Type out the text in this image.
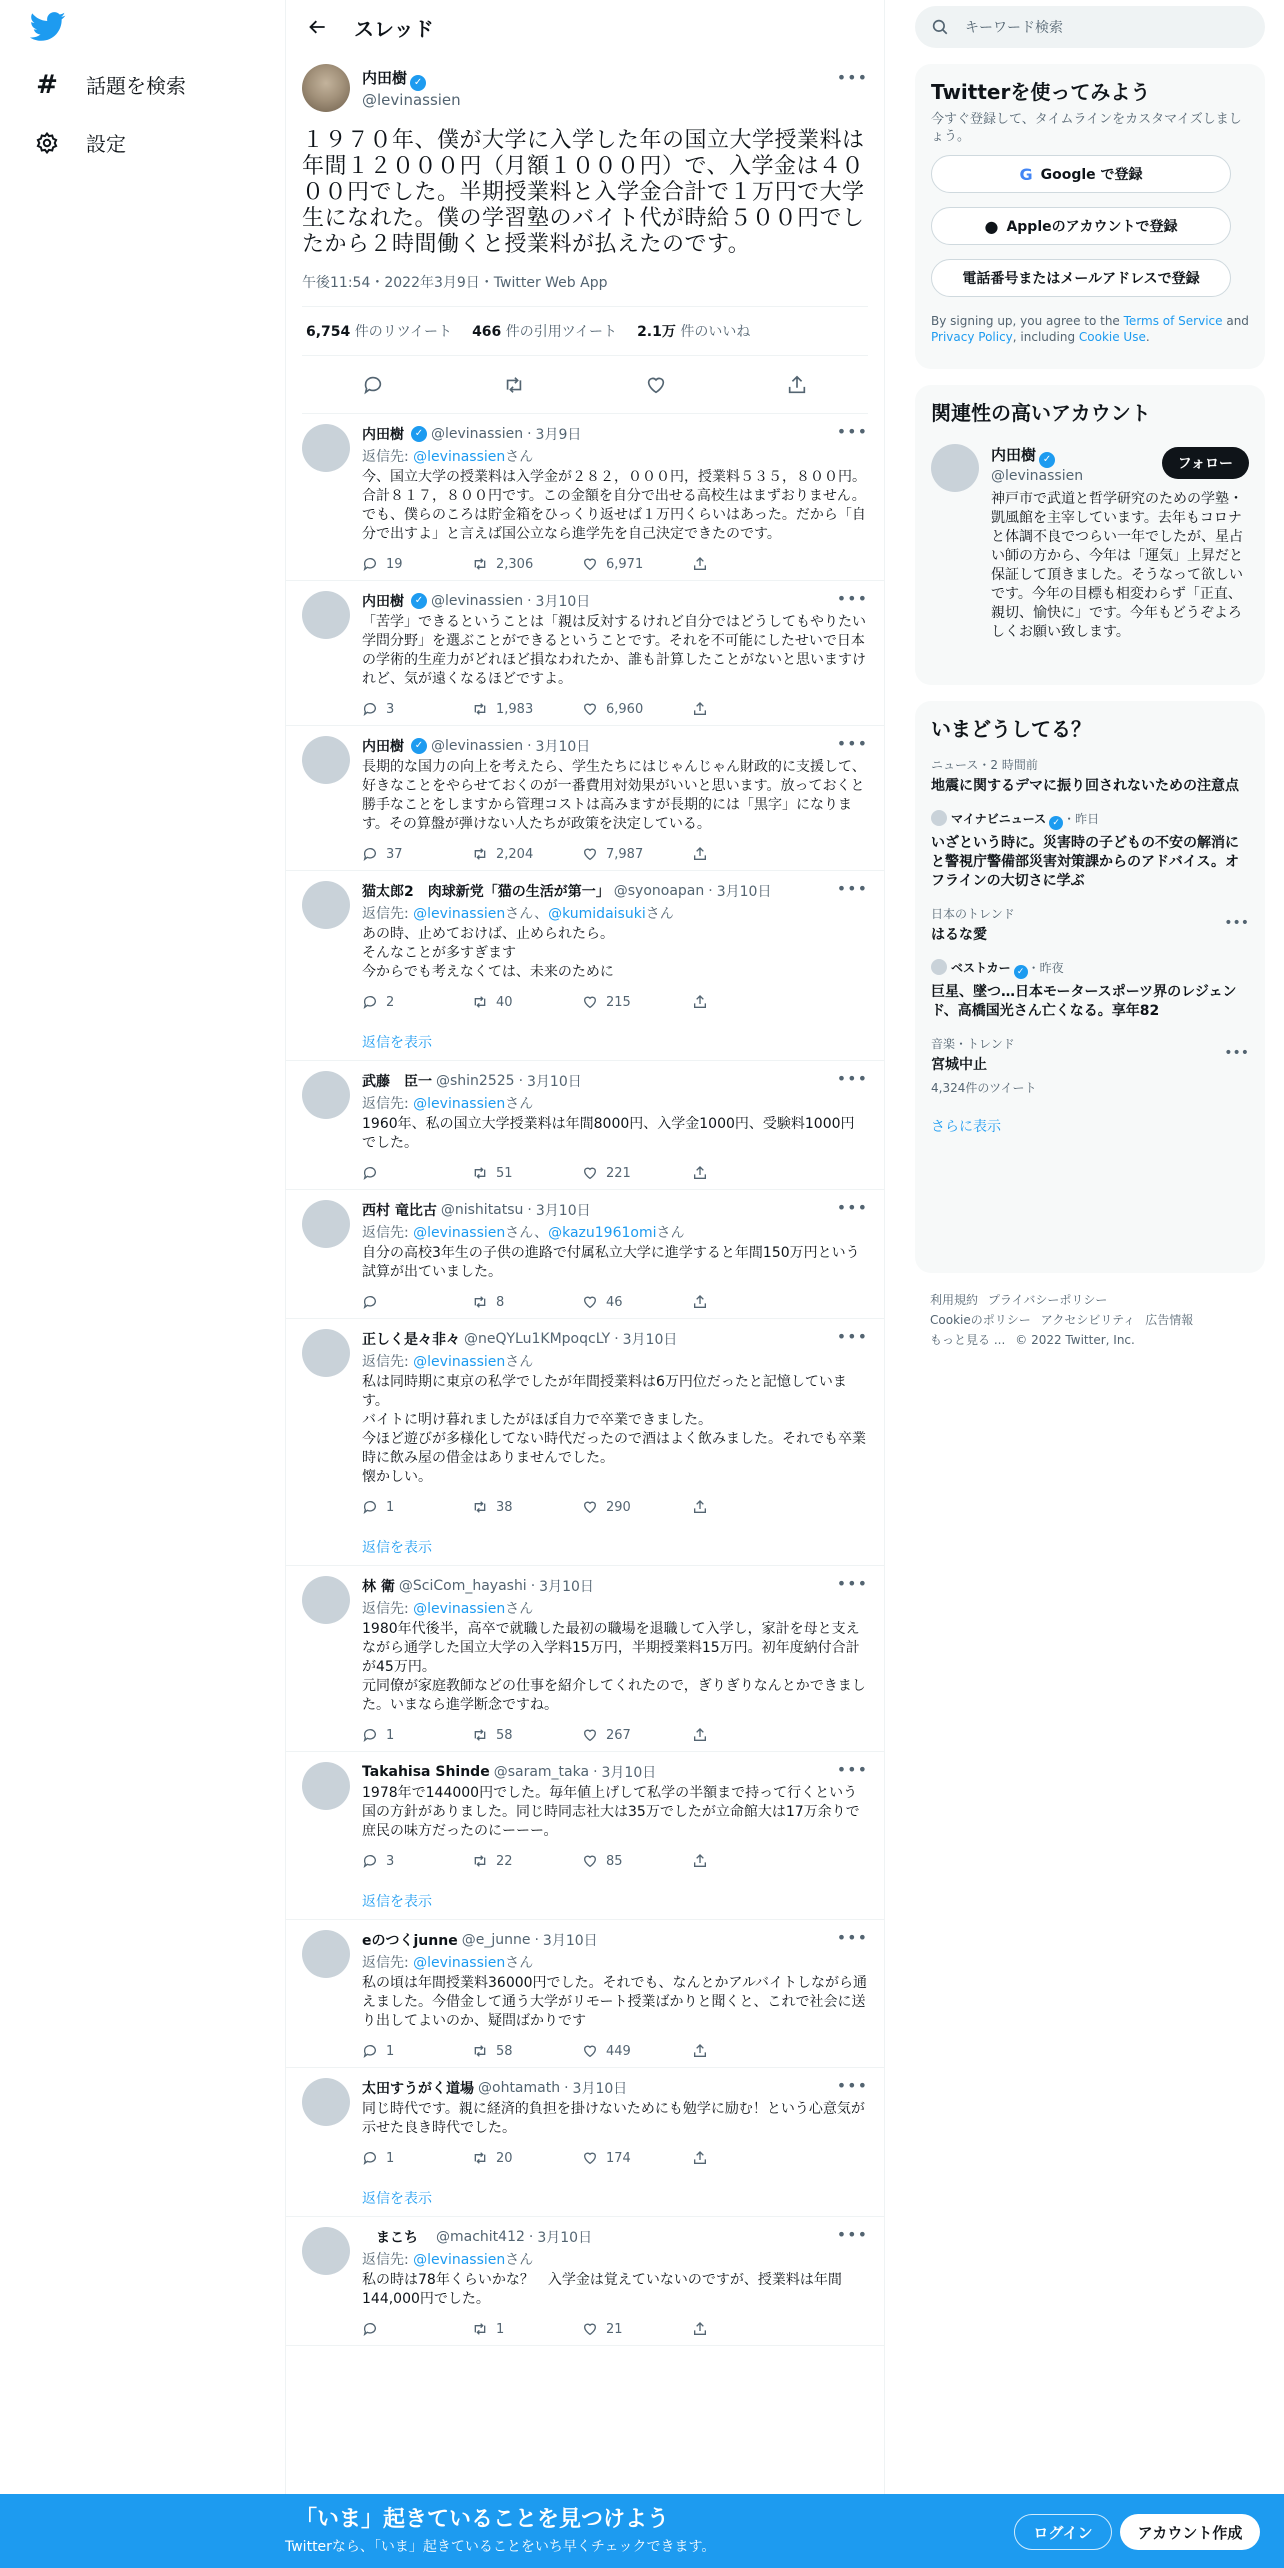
# 話題を検索
設定
スレッド
内田樹 ✓
@levinassien
•••
１９７０年、僕が大学に入学した年の国立大学授業料は年間１２０００円（月額１０００円）で、入学金は４０００円でした。半期授業料と入学金合計で１万円で大学生になれた。僕の学習塾のバイト代が時給５００円でしたから２時間働くと授業料が払えたのです。
午後11:54・2022年3月9日・Twitter Web App
6,754 件のリツイート 466 件の引用ツイート 2.1万 件のいいね
内田樹	✓ @levinassien · 3月9日	•••
返信先: @levinassienさん
今、国立大学の授業料は入学金が２８２，０００円，授業料５３５，８００円。合計８１７，８００円です。この金額を自分で出せる高校生はまずおりません。でも、僕らのころは貯金箱をひっくり返せば１万円くらいはあった。だから「自分で出すよ」と言えば国公立なら進学先を自己決定できたのです。
19	2,306	6,971
内田樹	✓ @levinassien · 3月10日	•••
「苦学」できるということは「親は反対するけれど自分ではどうしてもやりたい学問分野」を選ぶことができるということです。それを不可能にしたせいで日本の学術的生産力がどれほど損なわれたか、誰も計算したことがないと思いますけれど、気が遠くなるほどですよ。
3	1,983	6,960
内田樹	✓ @levinassien · 3月10日	•••
長期的な国力の向上を考えたら、学生たちにはじゃんじゃん財政的に支援して、好きなことをやらせておくのが一番費用対効果がいいと思います。放っておくと勝手なことをしますから管理コストは高みますが長期的には「黒字」になります。その算盤が弾けない人たちが政策を決定している。
37	2,204	7,987
猫太郎2　肉球新党「猫の生活が第一」 @syonoapan · 3月10日	•••
返信先: @levinassienさん、@kumidaisukiさん
あの時、止めておけば、止められたら。
そんなことが多すぎます
今からでも考えなくては、未来のために
2	40	215
返信を表示
武藤　臣一 @shin2525 · 3月10日	•••
返信先: @levinassienさん
1960年、私の国立大学授業料は年間8000円、入学金1000円、受験料1000円でした。
51	221
西村 竜比古 @nishitatsu · 3月10日	•••
返信先: @levinassienさん、@kazu1961omiさん
自分の高校3年生の子供の進路で付属私立大学に進学すると年間150万円という試算が出ていました。
8	46
正しく是々非々 @neQYLu1KMpoqcLY · 3月10日	•••
返信先: @levinassienさん
私は同時期に東京の私学でしたが年間授業料は6万円位だったと記憶しています。
バイトに明け暮れましたがほぼ自力で卒業できました。
今ほど遊びが多様化してない時代だったので酒はよく飲みました。それでも卒業時に飲み屋の借金はありませんでした。
懐かしい。
1	38	290
返信を表示
林 衛 @SciCom_hayashi · 3月10日	•••
返信先: @levinassienさん
1980年代後半，高卒で就職した最初の職場を退職して入学し，家計を母と支えながら通学した国立大学の入学料15万円，半期授業料15万円。初年度納付合計が45万円。
元同僚が家庭教師などの仕事を紹介してくれたので，ぎりぎりなんとかできました。いまなら進学断念ですね。
1	58	267
Takahisa Shinde @saram_taka · 3月10日	•••
1978年で144000円でした。毎年値上げして私学の半額まで持って行くという国の方針がありました。同じ時同志社大は35万でしたが立命館大は17万余りで庶民の味方だったのにーーー。
3	22	85
返信を表示
eのつくjunne @e_junne · 3月10日	•••
返信先: @levinassienさん
私の頃は年間授業料36000円でした。それでも、なんとかアルバイトしながら通えました。今借金して通う大学がリモート授業ばかりと聞くと、これで社会に送り出してよいのか、疑問ばかりです
1	58	449
太田すうがく道場 @ohtamath · 3月10日	•••
同じ時代です。親に経済的負担を掛けないためにも勉学に励む！という心意気が示せた良き時代でした。
1	20	174
返信を表示
　まこち　 @machit412 · 3月10日	•••
返信先: @levinassienさん
私の時は78年くらいかな？　入学金は覚えていないのですが、授業料は年間144,000円でした。
1	21
キーワード検索
Twitterを使ってみよう
今すぐ登録して、タイムラインをカスタマイズしましょう。
G Google で登録
● Appleのアカウントで登録
電話番号またはメールアドレスで登録
By signing up, you agree to the Terms of Service and Privacy Policy, including Cookie Use.
関連性の高いアカウント
内田樹 ✓
@levinassien
神戸市で武道と哲学研究のための学塾・凱風館を主宰しています。去年もコロナと体調不良でつらい一年でしたが、星占い師の方から、今年は「運気」上昇だと保証して頂きました。そうなって欲しいです。今年の目標も相変わらず「正直、親切、愉快に」です。今年もどうぞよろしくお願い致します。
フォロー
いまどうしてる？
ニュース・2 時間前
地震に関するデマに振り回されないための注意点
マイナビニュース ✓ ・昨日
いざという時に。災害時の子どもの不安の解消にと警視庁警備部災害対策課からのアドバイス。オフラインの大切さに学ぶ
日本のトレンド
はるな愛
•••
ベストカー ✓ ・昨夜
巨星、墜つ…日本モータースポーツ界のレジェンド、高橋国光さん亡くなる。享年82
音楽・トレンド
宮城中止
4,324件のツイート
•••
さらに表示
利用規約 プライバシーポリシー
Cookieのポリシー アクセシビリティ 広告情報
もっと見る ... © 2022 Twitter, Inc.
「いま」起きていることを見つけよう
Twitterなら、「いま」起きていることをいち早くチェックできます。
ログイン	アカウント作成
